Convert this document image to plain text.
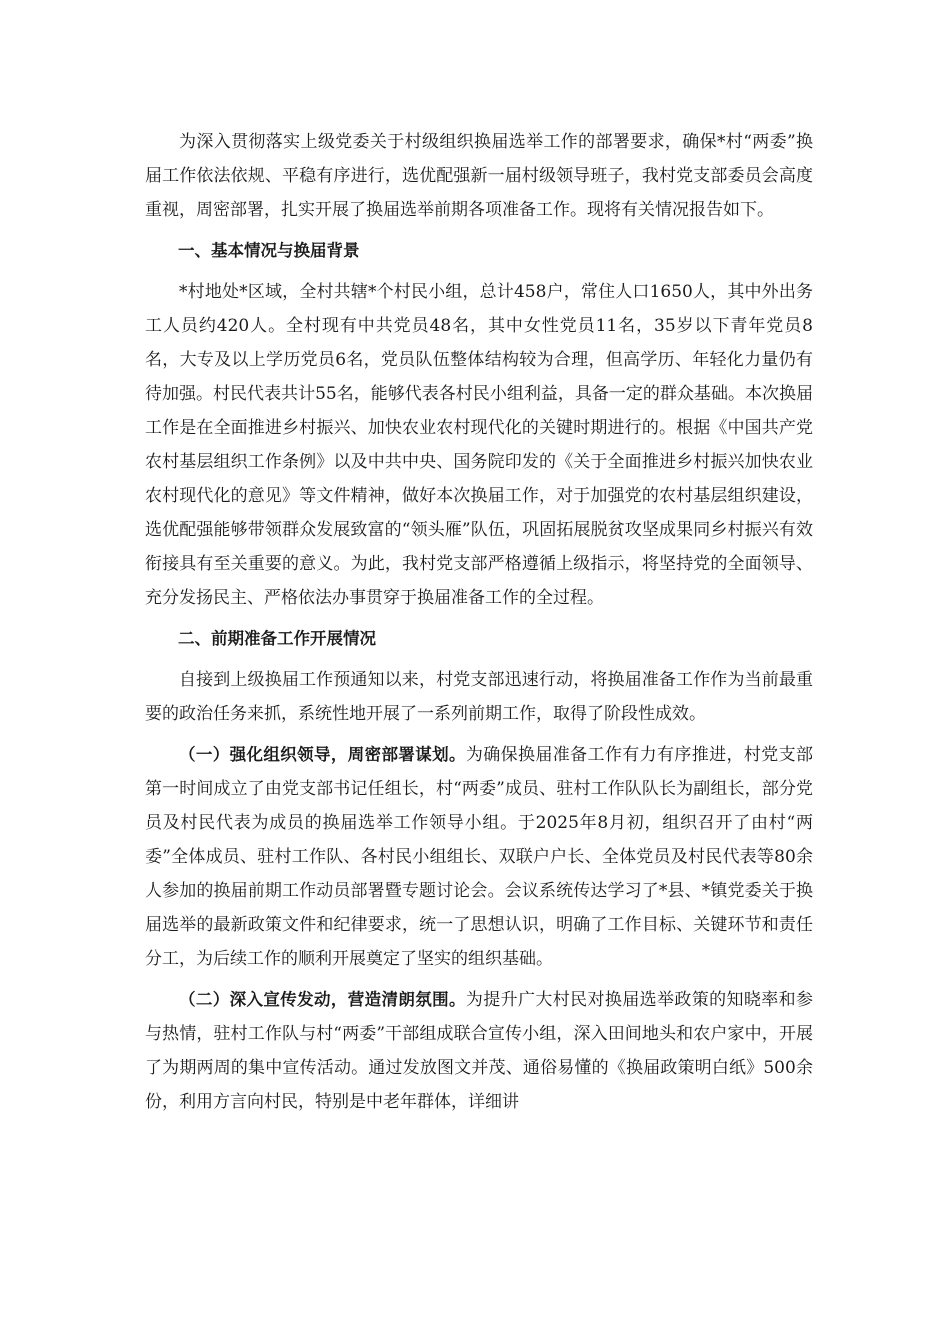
为深入贯彻落实上级党委关于村级组织换届选举工作的部署要求，确保*村“两委”换届工作依法依规、平稳有序进行，选优配强新一届村级领导班子，我村党支部委员会高度重视，周密部署，扎实开展了换届选举前期各项准备工作。现将有关情况报告如下。

一、基本情况与换届背景

*村地处*区域，全村共辖*个村民小组，总计458户，常住人口1650人，其中外出务工人员约420人。全村现有中共党员48名，其中女性党员11名，35岁以下青年党员8名，大专及以上学历党员6名，党员队伍整体结构较为合理，但高学历、年轻化力量仍有待加强。村民代表共计55名，能够代表各村民小组利益，具备一定的群众基础。本次换届工作是在全面推进乡村振兴、加快农业农村现代化的关键时期进行的。根据《中国共产党农村基层组织工作条例》以及中共中央、国务院印发的《关于全面推进乡村振兴加快农业农村现代化的意见》等文件精神，做好本次换届工作，对于加强党的农村基层组织建设，选优配强能够带领群众发展致富的“领头雁”队伍，巩固拓展脱贫攻坚成果同乡村振兴有效衔接具有至关重要的意义。为此，我村党支部严格遵循上级指示，将坚持党的全面领导、充分发扬民主、严格依法办事贯穿于换届准备工作的全过程。

二、前期准备工作开展情况

自接到上级换届工作预通知以来，村党支部迅速行动，将换届准备工作作为当前最重要的政治任务来抓，系统性地开展了一系列前期工作，取得了阶段性成效。

（一）强化组织领导，周密部署谋划。为确保换届准备工作有力有序推进，村党支部第一时间成立了由党支部书记任组长，村“两委”成员、驻村工作队队长为副组长，部分党员及村民代表为成员的换届选举工作领导小组。于2025年8月初，组织召开了由村“两委”全体成员、驻村工作队、各村民小组组长、双联户户长、全体党员及村民代表等80余人参加的换届前期工作动员部署暨专题讨论会。会议系统传达学习了*县、*镇党委关于换届选举的最新政策文件和纪律要求，统一了思想认识，明确了工作目标、关键环节和责任分工，为后续工作的顺利开展奠定了坚实的组织基础。

（二）深入宣传发动，营造清朗氛围。为提升广大村民对换届选举政策的知晓率和参与热情，驻村工作队与村“两委”干部组成联合宣传小组，深入田间地头和农户家中，开展了为期两周的集中宣传活动。通过发放图文并茂、通俗易懂的《换届政策明白纸》500余份，利用方言向村民，特别是中老年群体，详细讲
